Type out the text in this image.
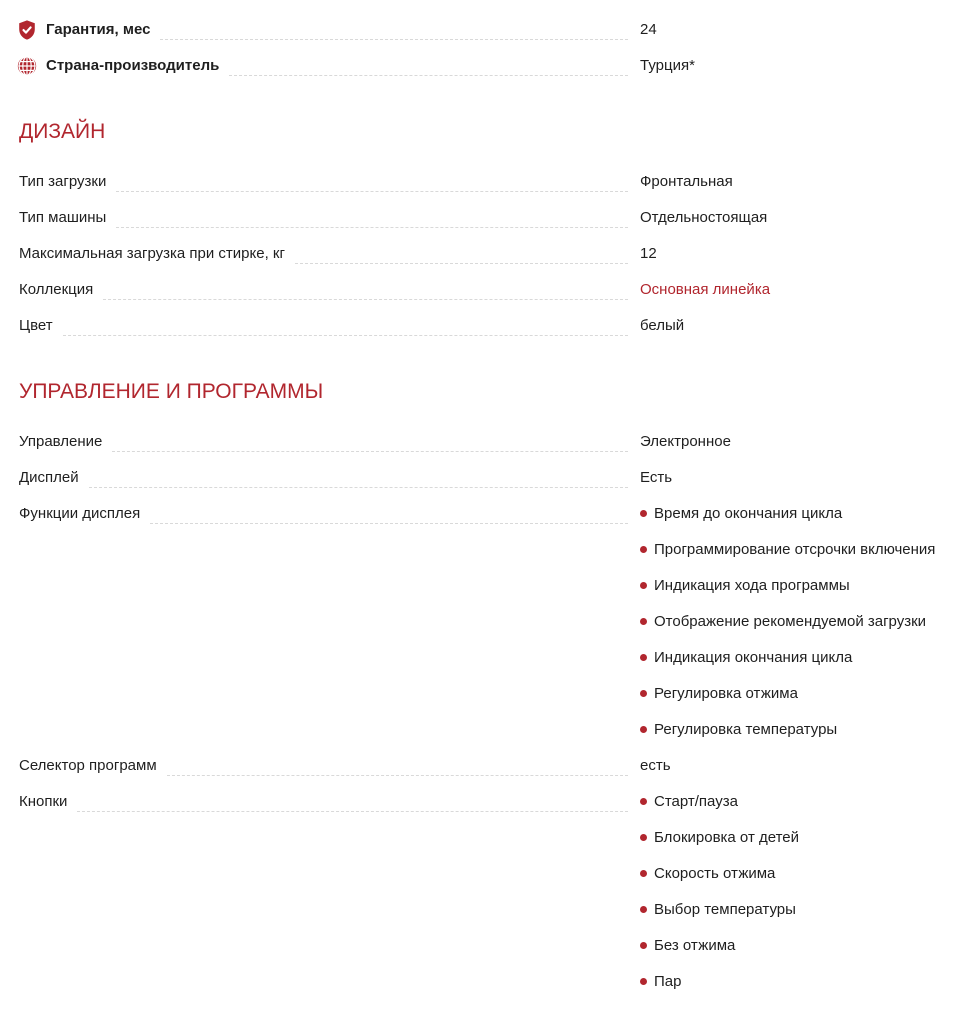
Гарантия, мес	24
Страна-производитель	Турция*
ДИЗАЙН
Тип загрузки	Фронтальная
Тип машины	Отдельностоящая
Максимальная загрузка при стирке, кг	12
Коллекция	Основная линейка
Цвет	белый
УПРАВЛЕНИЕ И ПРОГРАММЫ
Управление	Электронное
Дисплей	Есть
Функции дисплея	Время до окончания цикла
Программирование отсрочки включения
Индикация хода программы
Отображение рекомендуемой загрузки
Индикация окончания цикла
Регулировка отжима
Регулировка температуры
Селектор программ	есть
Кнопки	Старт/пауза
Блокировка от детей
Скорость отжима
Выбор температуры
Без отжима
Пар
